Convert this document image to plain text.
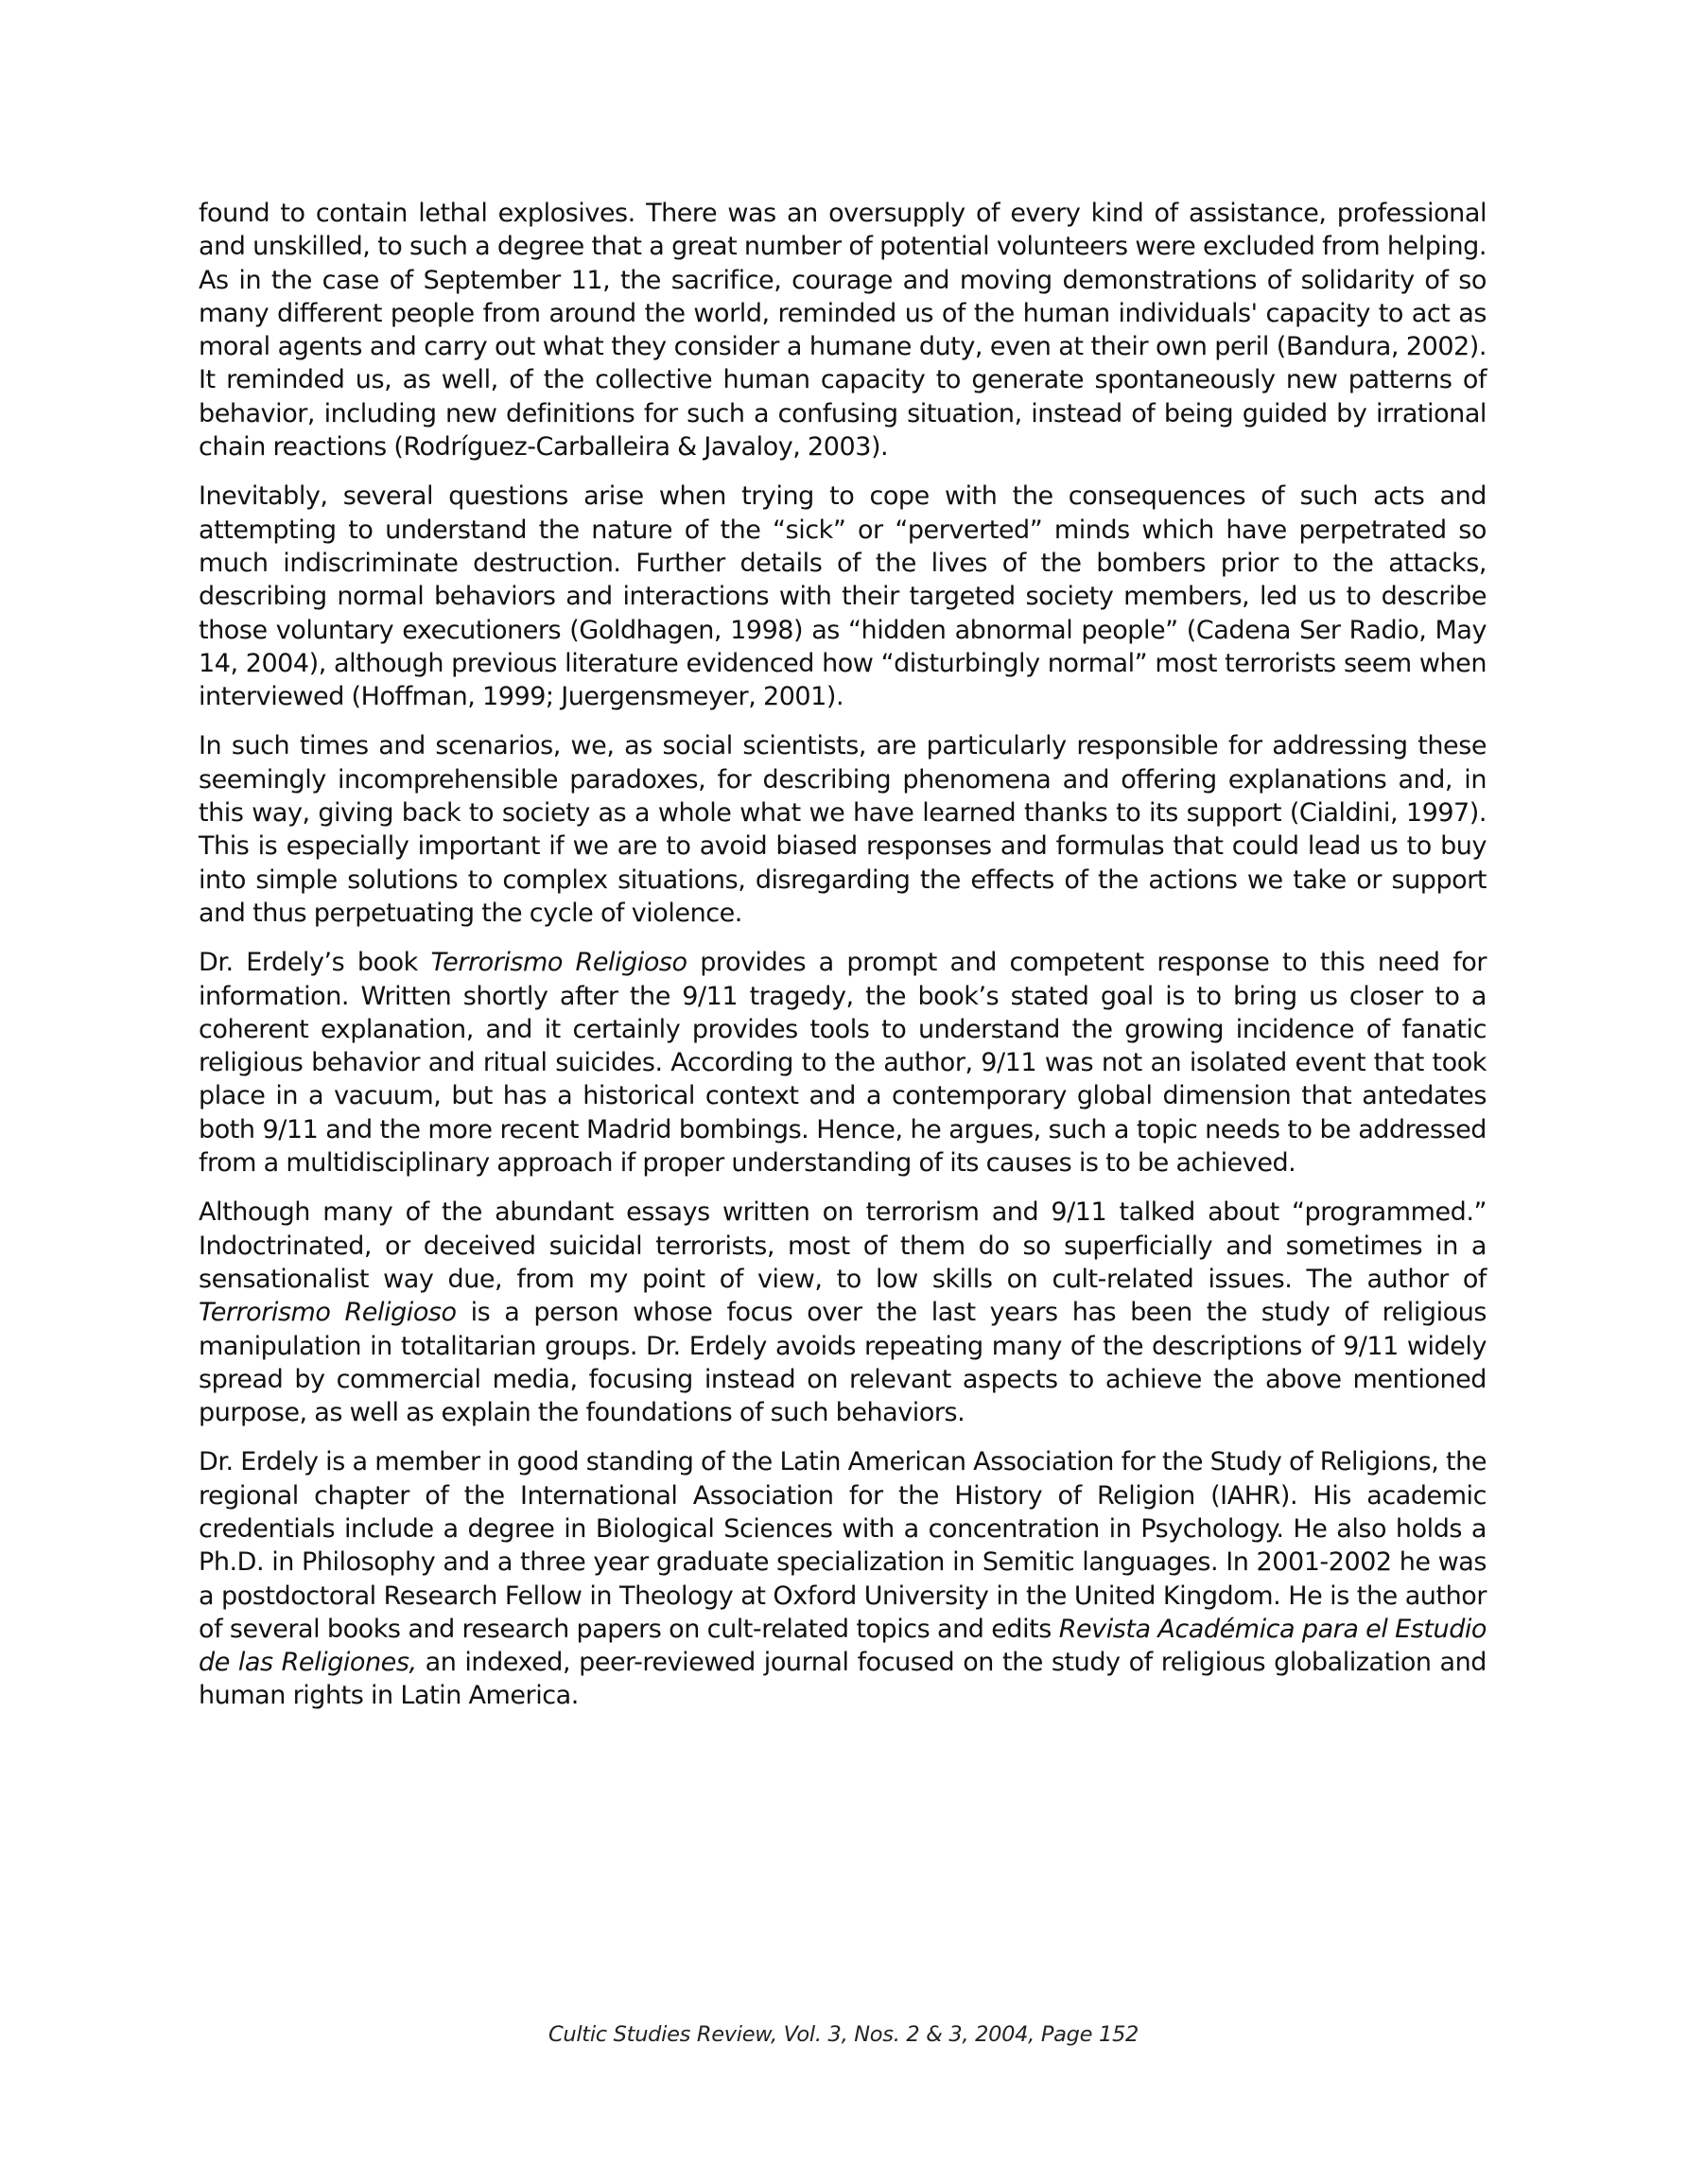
found to contain lethal explosives. There was an oversupply of every kind of assistance, professional and unskilled, to such a degree that a great number of potential volunteers were excluded from helping. As in the case of September 11, the sacrifice, courage and moving demonstrations of solidarity of so many different people from around the world, reminded us of the human individuals' capacity to act as moral agents and carry out what they consider a humane duty, even at their own peril (Bandura, 2002). It reminded us, as well, of the collective human capacity to generate spontaneously new patterns of behavior, including new definitions for such a confusing situation, instead of being guided by irrational chain reactions (Rodríguez-Carballeira & Javaloy, 2003).

Inevitably, several questions arise when trying to cope with the consequences of such acts and attempting to understand the nature of the “sick” or “perverted” minds which have perpetrated so much indiscriminate destruction. Further details of the lives of the bombers prior to the attacks, describing normal behaviors and interactions with their targeted society members, led us to describe those voluntary executioners (Goldhagen, 1998) as “hidden abnormal people” (Cadena Ser Radio, May 14, 2004), although previous literature evidenced how “disturbingly normal” most terrorists seem when interviewed (Hoffman, 1999; Juergensmeyer, 2001).

In such times and scenarios, we, as social scientists, are particularly responsible for addressing these seemingly incomprehensible paradoxes, for describing phenomena and offering explanations and, in this way, giving back to society as a whole what we have learned thanks to its support (Cialdini, 1997). This is especially important if we are to avoid biased responses and formulas that could lead us to buy into simple solutions to complex situations, disregarding the effects of the actions we take or support and thus perpetuating the cycle of violence.

Dr. Erdely’s book Terrorismo Religioso provides a prompt and competent response to this need for information. Written shortly after the 9/11 tragedy, the book’s stated goal is to bring us closer to a coherent explanation, and it certainly provides tools to understand the growing incidence of fanatic religious behavior and ritual suicides. According to the author, 9/11 was not an isolated event that took place in a vacuum, but has a historical context and a contemporary global dimension that antedates both 9/11 and the more recent Madrid bombings. Hence, he argues, such a topic needs to be addressed from a multidisciplinary approach if proper understanding of its causes is to be achieved.

Although many of the abundant essays written on terrorism and 9/11 talked about “programmed.” Indoctrinated, or deceived suicidal terrorists, most of them do so superficially and sometimes in a sensationalist way due, from my point of view, to low skills on cult-related issues. The author of Terrorismo Religioso is a person whose focus over the last years has been the study of religious manipulation in totalitarian groups. Dr. Erdely avoids repeating many of the descriptions of 9/11 widely spread by commercial media, focusing instead on relevant aspects to achieve the above mentioned purpose, as well as explain the foundations of such behaviors.

Dr. Erdely is a member in good standing of the Latin American Association for the Study of Religions, the regional chapter of the International Association for the History of Religion (IAHR). His academic credentials include a degree in Biological Sciences with a concentration in Psychology. He also holds a Ph.D. in Philosophy and a three year graduate specialization in Semitic languages. In 2001-2002 he was a postdoctoral Research Fellow in Theology at Oxford University in the United Kingdom. He is the author of several books and research papers on cult-related topics and edits Revista Académica para el Estudio de las Religiones, an indexed, peer-reviewed journal focused on the study of religious globalization and human rights in Latin America.

Cultic Studies Review, Vol. 3, Nos. 2 & 3, 2004, Page 152
